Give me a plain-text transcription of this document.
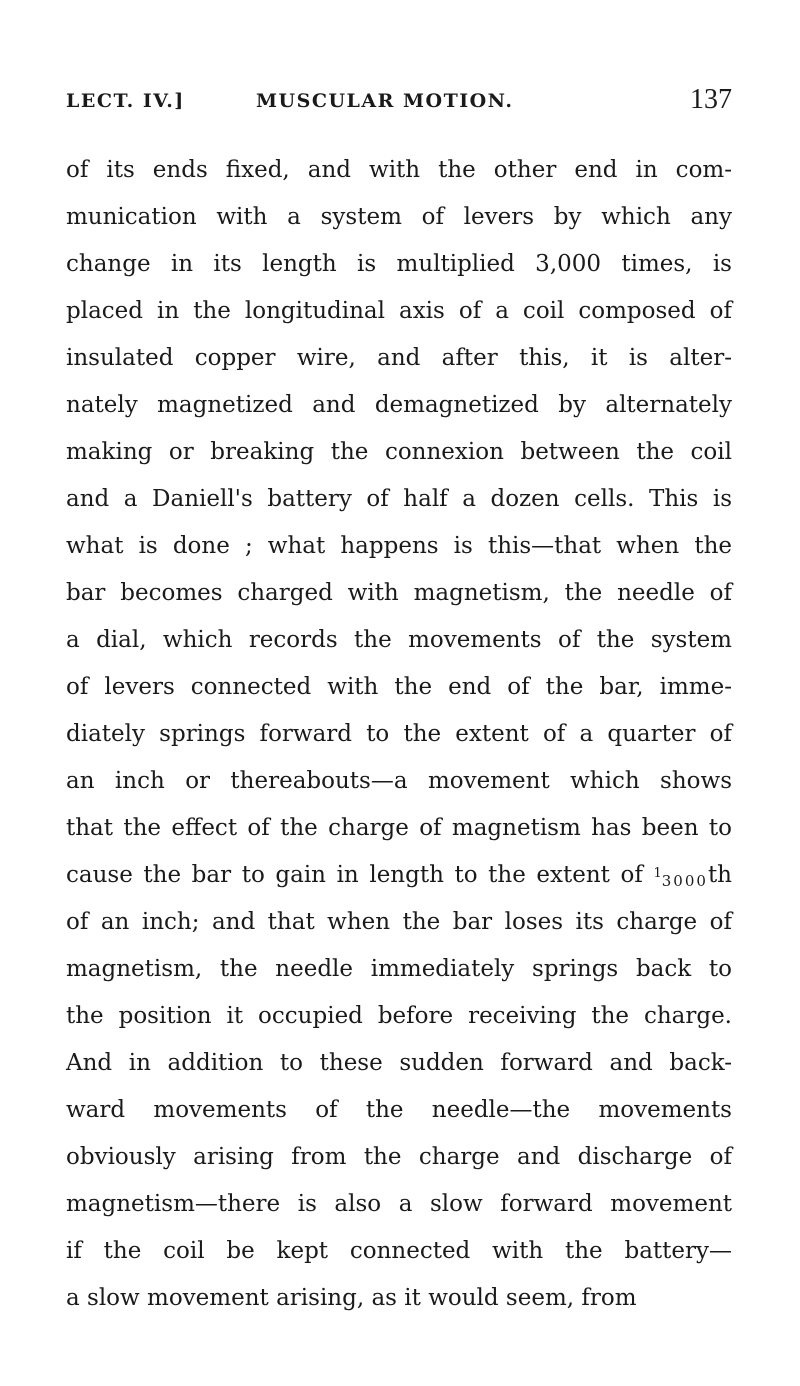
LECT. IV.]	MUSCULAR MOTION.	137
of its ends fixed, and with the other end in com-
munication with a system of levers by which any
change in its length is multiplied 3,000 times, is
placed in the longitudinal axis of a coil composed of
insulated copper wire, and after this, it is alter-
nately magnetized and demagnetized by alternately
making or breaking the connexion between the coil
and a Daniell's battery of half a dozen cells. This is
what is done ; what happens is this—that when the
bar becomes charged with magnetism, the needle of
a dial, which records the movements of the system
of levers connected with the end of the bar, imme-
diately springs forward to the extent of a quarter of
an inch or thereabouts—a movement which shows
that the effect of the charge of magnetism has been to
cause the bar to gain in length to the extent of 13000th
of an inch; and that when the bar loses its charge of
magnetism, the needle immediately springs back to
the position it occupied before receiving the charge.
And in addition to these sudden forward and back-
ward movements of the needle—the movements
obviously arising from the charge and discharge of
magnetism—there is also a slow forward movement
if the coil be kept connected with the battery—
a slow movement arising, as it would seem, from
